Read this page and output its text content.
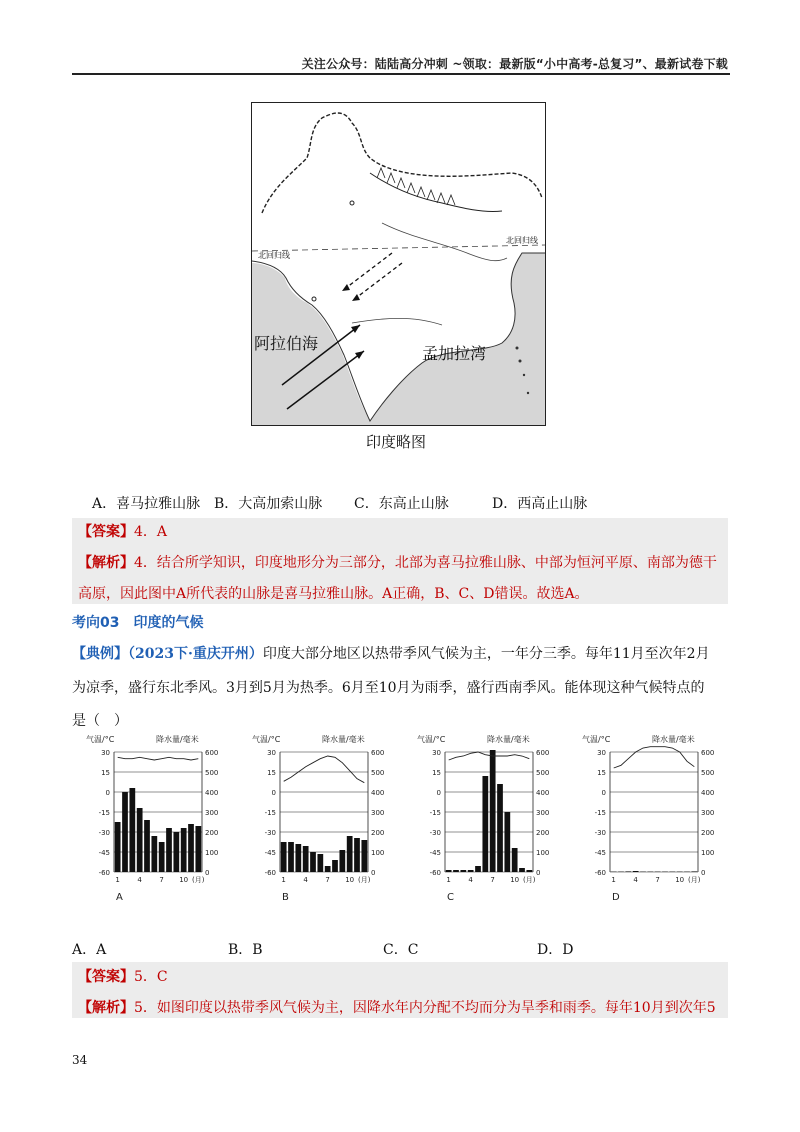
关注公众号：陆陆高分冲刺 ~领取：最新版“小中高考-总复习”、最新试卷下载
阿拉伯海
孟加拉湾
北回归线
北回归线
印度略图
A．喜马拉雅山脉 B．大高加索山脉 C．东高止山脉	D．西高止山脉
【答案】4．A
【解析】4．结合所学知识，印度地形分为三部分，北部为喜马拉雅山脉、中部为恒河平原、南部为德干
高原，因此图中A所代表的山脉是喜马拉雅山脉。A正确，B、C、D错误。故选A。
考向03　印度的气候
【典例】（2023下·重庆开州）印度大部分地区以热带季风气候为主，一年分三季。每年11月至次年2月
为凉季，盛行东北季风。3月到5月为热季。6月至10月为雨季，盛行西南季风。能体现这种气候特点的
是（　）
气温/°C	降水量/毫米
30
15
0
-15
-30
-45
-60
600
500
400
300
200
100
0
1	4	7 10 (月)
A
气温/°C	降水量/毫米
30
15
0
-15
-30
-45
-60
600
500
400
300
200
100
0
1	4	7 10 (月)
B
气温/°C	降水量/毫米
30
15
0
-15
-30
-45
-60
600
500
400
300
200
100
0
1	4	7 10 (月)
C
气温/°C	降水量/毫米
30
15
0
-15
-30
-45
-60
600
500
400
300
200
100
0
1	4	7 10 (月)
D
A．A	B．B	C．C	D．D
【答案】5．C
【解析】5．如图印度以热带季风气候为主，因降水年内分配不均而分为旱季和雨季。每年10月到次年5
34
